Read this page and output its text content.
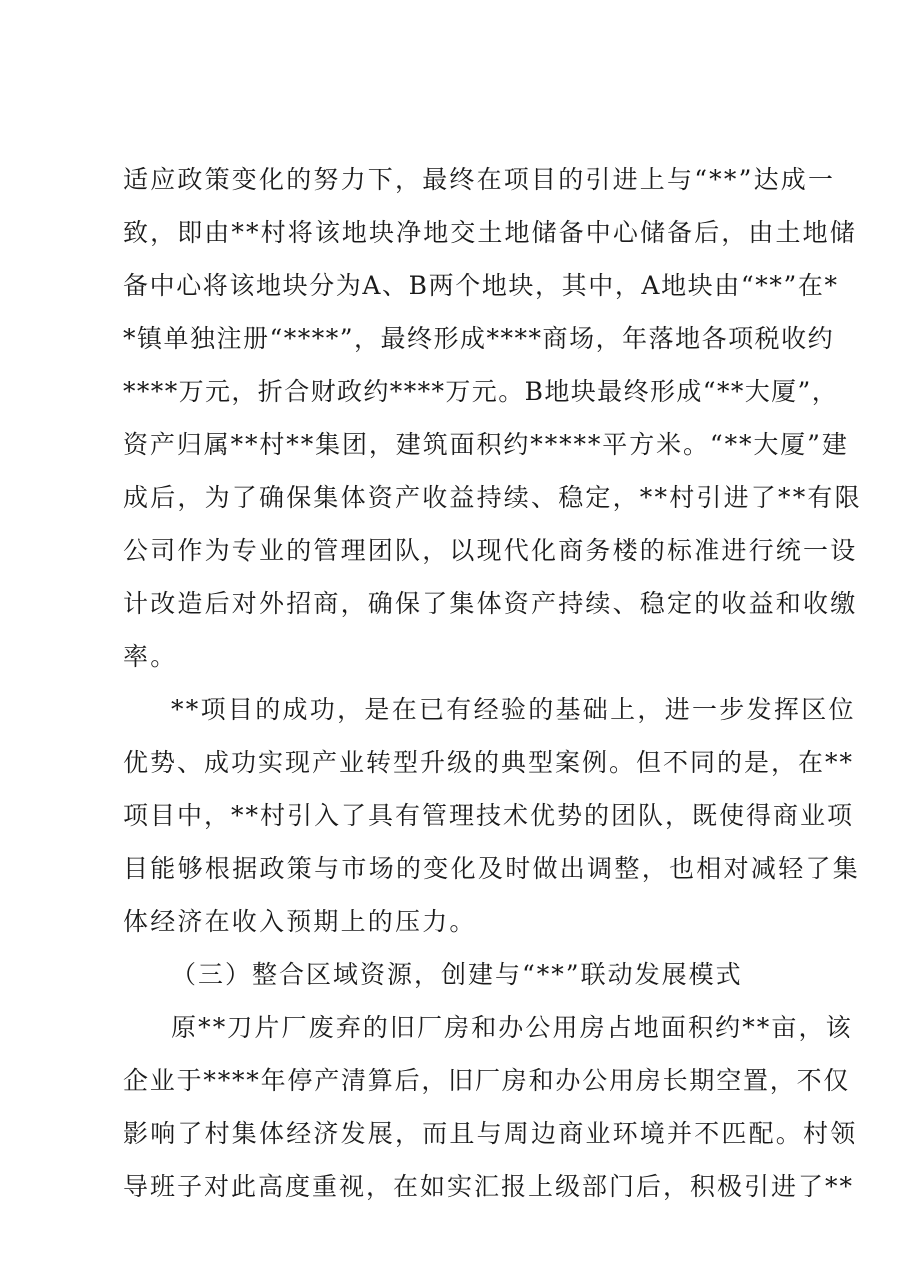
适应政策变化的努力下，最终在项目的引进上与“**”达成一
致，即由**村将该地块净地交土地储备中心储备后，由土地储
备中心将该地块分为A、B两个地块，其中，A地块由“**”在*
*镇单独注册“****”，最终形成****商场，年落地各项税收约
****万元，折合财政约****万元。B地块最终形成“**大厦”，
资产归属**村**集团，建筑面积约*****平方米。“**大厦”建
成后，为了确保集体资产收益持续、稳定，**村引进了**有限
公司作为专业的管理团队，以现代化商务楼的标准进行统一设
计改造后对外招商，确保了集体资产持续、稳定的收益和收缴
率。
**项目的成功，是在已有经验的基础上，进一步发挥区位
优势、成功实现产业转型升级的典型案例。但不同的是，在**
项目中，**村引入了具有管理技术优势的团队，既使得商业项
目能够根据政策与市场的变化及时做出调整，也相对减轻了集
体经济在收入预期上的压力。
（三）整合区域资源，创建与“**”联动发展模式
原**刀片厂废弃的旧厂房和办公用房占地面积约**亩，该
企业于****年停产清算后，旧厂房和办公用房长期空置，不仅
影响了村集体经济发展，而且与周边商业环境并不匹配。村领
导班子对此高度重视，在如实汇报上级部门后，积极引进了**
